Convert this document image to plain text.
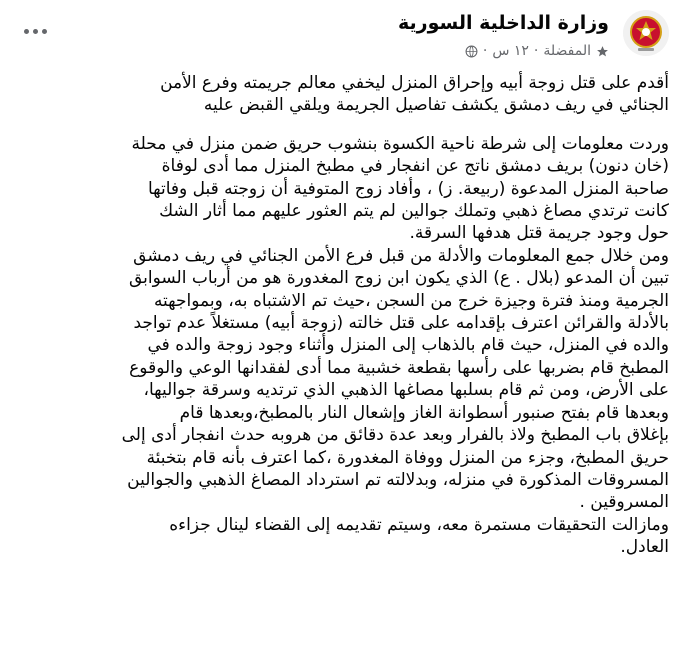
وزارة الداخلية السورية
المفضلة
·
١٢ س
·

أقدم على قتل زوجة أبيه وإحراق المنزل ليخفي معالم جريمته وفرع الأمن
الجنائي في ريف دمشق يكشف تفاصيل الجريمة ويلقي القبض عليه

وردت معلومات إلى شرطة ناحية الكسوة بنشوب حريق ضمن منزل في محلة
(خان دنون) بريف دمشق ناتج عن انفجار في مطبخ المنزل مما أدى لوفاة
صاحبة المنزل المدعوة (ربيعة. ز) ، وأفاد زوج المتوفية أن زوجته قبل وفاتها
كانت ترتدي مصاغ ذهبي وتملك جوالين لم يتم العثور عليهم مما أثار الشك
حول وجود جريمة قتل هدفها السرقة.
ومن خلال جمع المعلومات والأدلة من قبل فرع الأمن الجنائي في ريف دمشق
تبين أن المدعو (بلال . ع) الذي يكون ابن زوج المغدورة هو من أرباب السوابق
الجرمية ومنذ فترة وجيزة خرج من السجن ،حيث تم الاشتباه به، وبمواجهته
بالأدلة والقرائن اعترف بإقدامه على قتل خالته (زوجة أبيه) مستغلاً عدم تواجد
والده في المنزل، حيث قام بالذهاب إلى المنزل وأثناء وجود زوجة والده في
المطبخ قام بضربها على رأسها بقطعة خشبية مما أدى لفقدانها الوعي والوقوع
على الأرض، ومن ثم قام بسلبها مصاغها الذهبي الذي ترتديه وسرقة جواليها،
وبعدها قام بفتح صنبور أسطوانة الغاز وإشعال النار بالمطبخ،وبعدها قام
بإغلاق باب المطبخ ولاذ بالفرار وبعد عدة دقائق من هروبه حدث انفجار أدى إلى
حريق المطبخ، وجزء من المنزل ووفاة المغدورة ،كما اعترف بأنه قام بتخبئة
المسروقات المذكورة في منزله، وبدلالته تم استرداد المصاغ الذهبي والجوالين
المسروقين .
ومازالت التحقيقات مستمرة معه، وسيتم تقديمه إلى القضاء لينال جزاءه
العادل.
